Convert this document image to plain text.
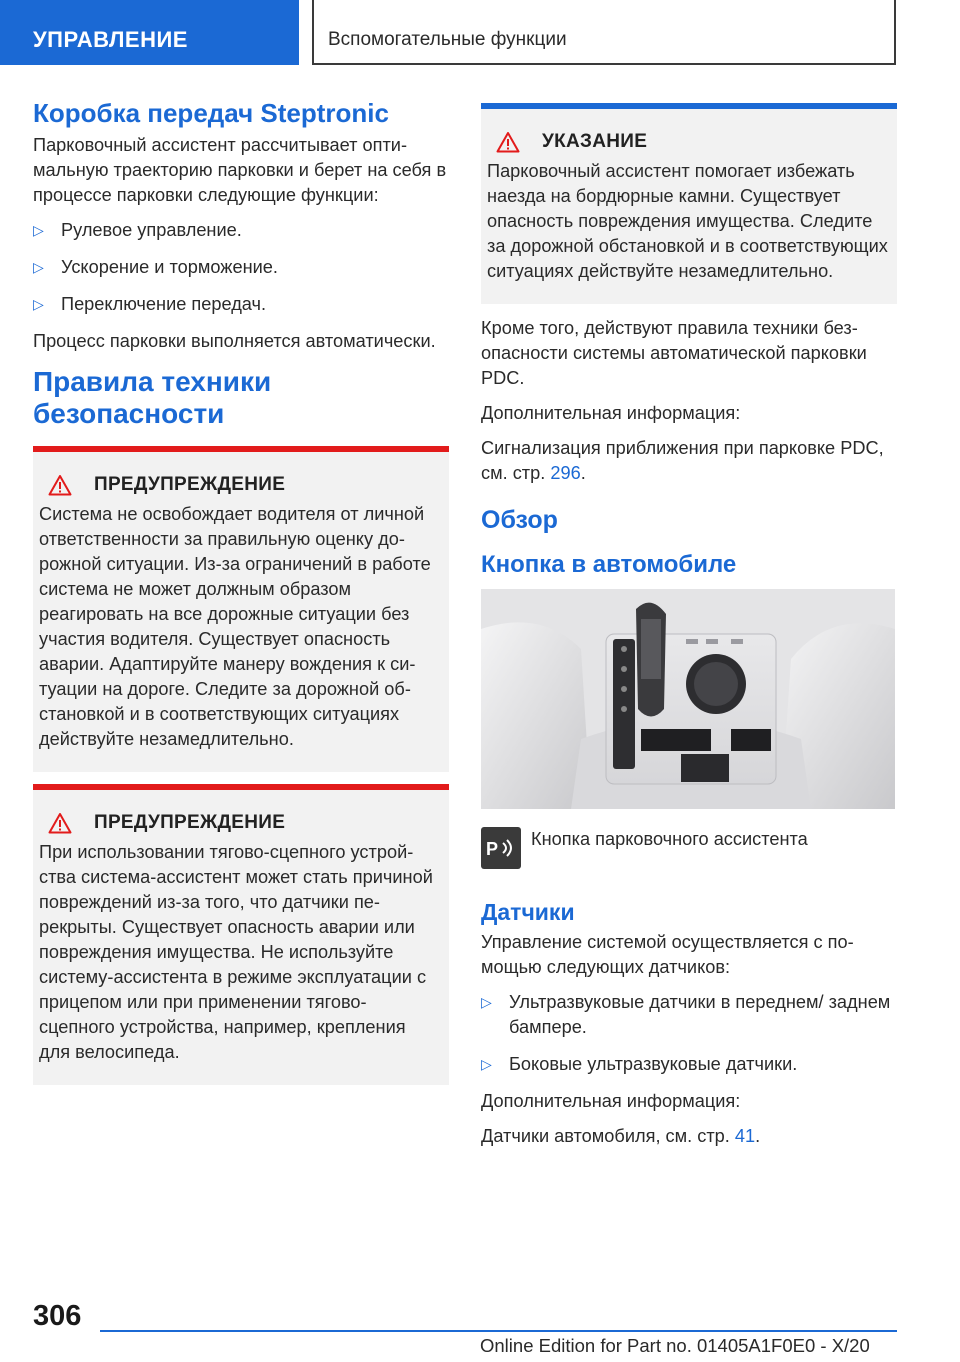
УПРАВЛЕНИЕ	Вспомогательные функции
Коробка передач Steptronic

Парковочный ассистент рассчитывает оптимальную траекторию парковки и берет на себя в процессе парковки следующие функции:

▷ Рулевое управление.
▷ Ускорение и торможение.
▷ Переключение передач.

Процесс парковки выполняется автоматически.

Правила техники безопасности
ПРЕДУПРЕЖДЕНИЕ

Система не освобождает водителя от личной ответственности за правильную оценку дорожной ситуации. Из-за ограничений в работе система не может должным образом реагировать на все дорожные ситуации без участия водителя. Существует опасность аварии. Адаптируйте манеру вождения к ситуации на дороге. Следите за дорожной обстановкой и в соответствующих ситуациях действуйте незамедлительно.

ПРЕДУПРЕЖДЕНИЕ

При использовании тягово-сцепного устройства система-ассистент может стать причиной повреждений из-за того, что датчики перекрыты. Существует опасность аварии или повреждения имущества. Не используйте систему-ассистента в режиме эксплуатации с прицепом или при применении тягово-сцепного устройства, например, крепления для велосипеда.

УКАЗАНИЕ

Парковочный ассистент помогает избежать наезда на бордюрные камни. Существует опасность повреждения имущества. Следите за дорожной обстановкой и в соответствующих ситуациях действуйте незамедлительно.

Кроме того, действуют правила техники безопасности системы автоматической парковки PDC.

Дополнительная информация:

Сигнализация приближения при парковке PDC, см. стр. 296.

Обзор
Кнопка в автомобиле
P Кнопка парковочного ассистента
Датчики

Управление системой осуществляется с помощью следующих датчиков:

▷ Ультразвуковые датчики в переднем/ заднем бампере.
▷ Боковые ультразвуковые датчики.

Дополнительная информация:

Датчики автомобиля, см. стр. 41.

306
Online Edition for Part no. 01405A1F0E0 - X/20
